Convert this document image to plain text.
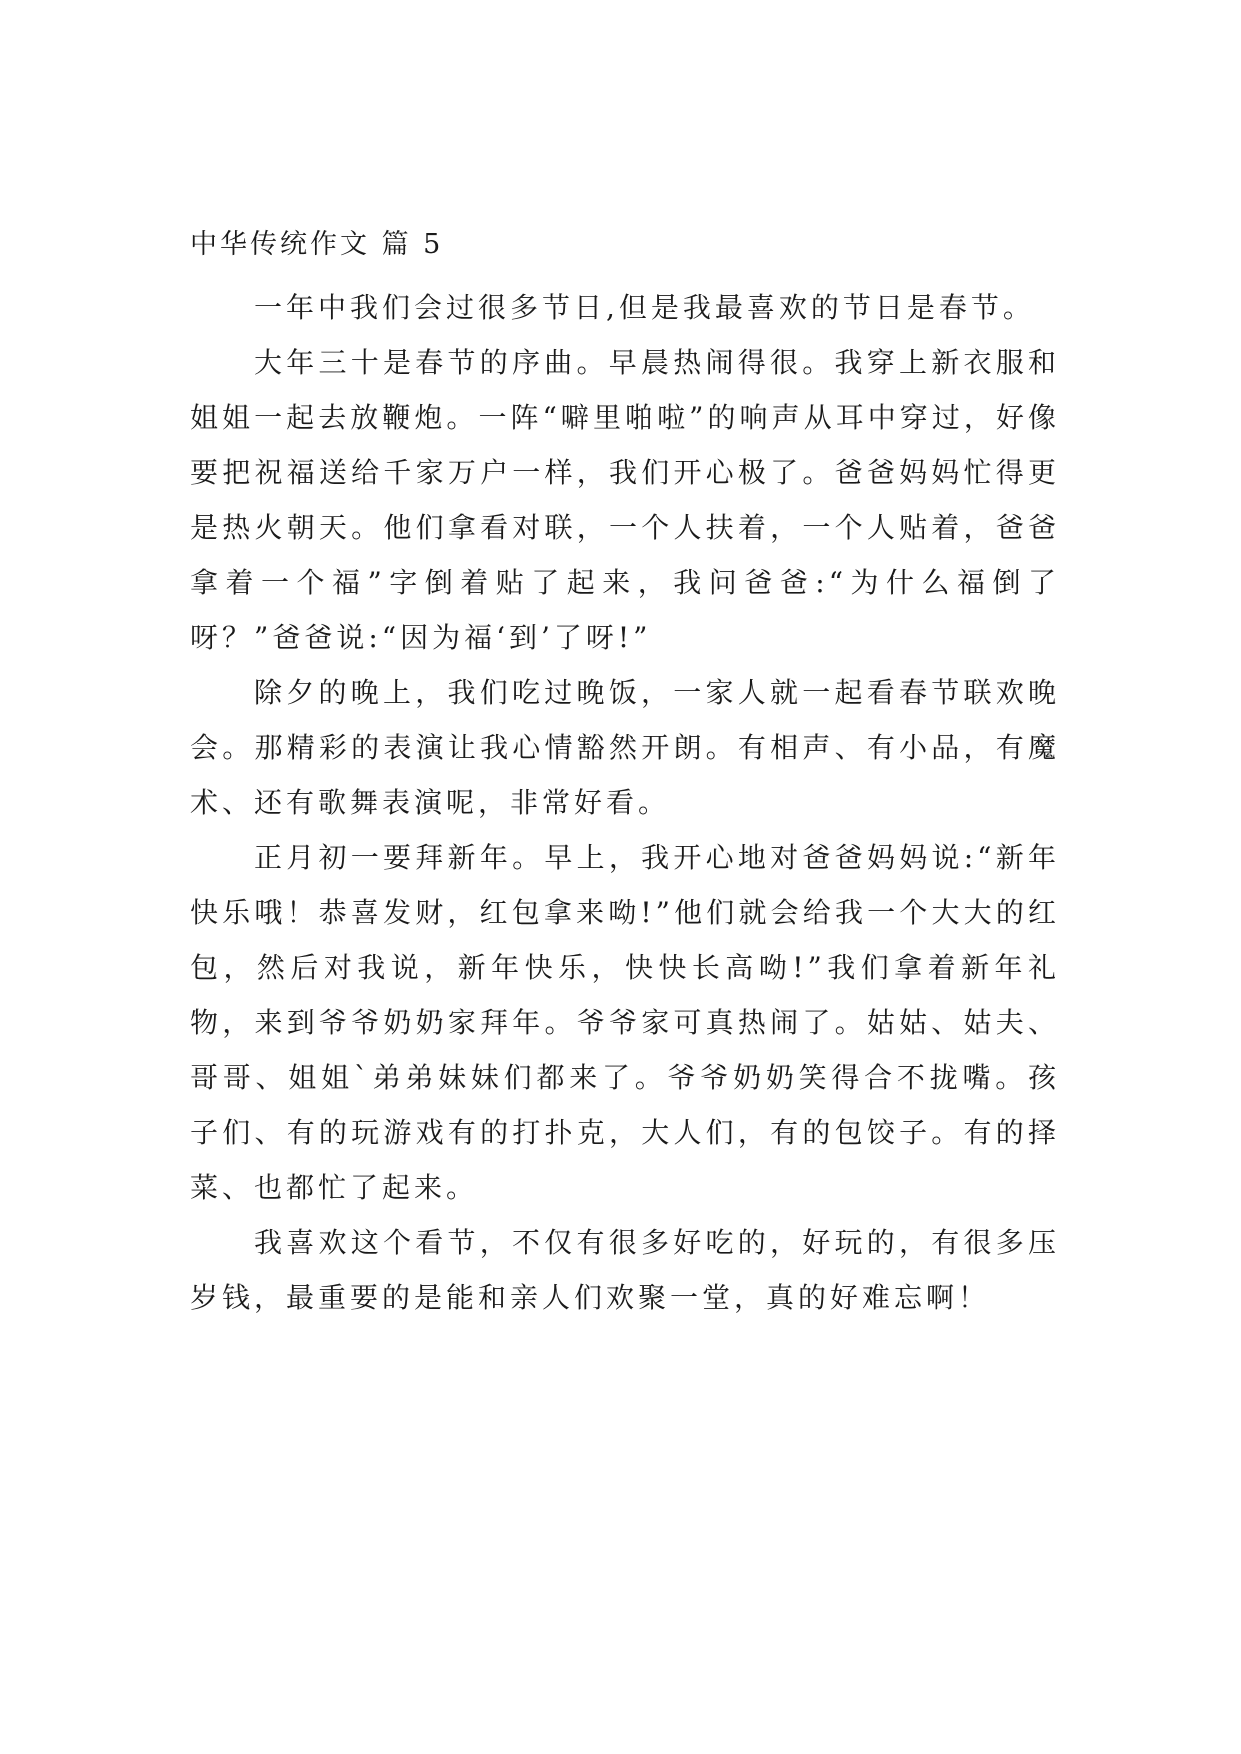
中华传统作文 篇 5

一年中我们会过很多节日,但是我最喜欢的节日是春节。

大年三十是春节的序曲。早晨热闹得很。我穿上新衣服和姐姐一起去放鞭炮。一阵“噼里啪啦”的响声从耳中穿过，好像要把祝福送给千家万户一样，我们开心极了。爸爸妈妈忙得更是热火朝天。他们拿看对联，一个人扶着，一个人贴着，爸爸拿着一个福”字倒着贴了起来，我问爸爸:“为什么福倒了呀？”爸爸说:“因为福‘到’了呀!”

除夕的晚上，我们吃过晚饭，一家人就一起看春节联欢晚会。那精彩的表演让我心情豁然开朗。有相声、有小品，有魔术、还有歌舞表演呢，非常好看。

正月初一要拜新年。早上，我开心地对爸爸妈妈说:“新年快乐哦！恭喜发财，红包拿来呦!”他们就会给我一个大大的红包，然后对我说，新年快乐，快快长高呦!”我们拿着新年礼物，来到爷爷奶奶家拜年。爷爷家可真热闹了。姑姑、姑夫、哥哥、姐姐`弟弟妹妹们都来了。爷爷奶奶笑得合不拢嘴。孩子们、有的玩游戏有的打扑克，大人们，有的包饺子。有的择菜、也都忙了起来。

我喜欢这个看节，不仅有很多好吃的，好玩的，有很多压岁钱，最重要的是能和亲人们欢聚一堂，真的好难忘啊！
